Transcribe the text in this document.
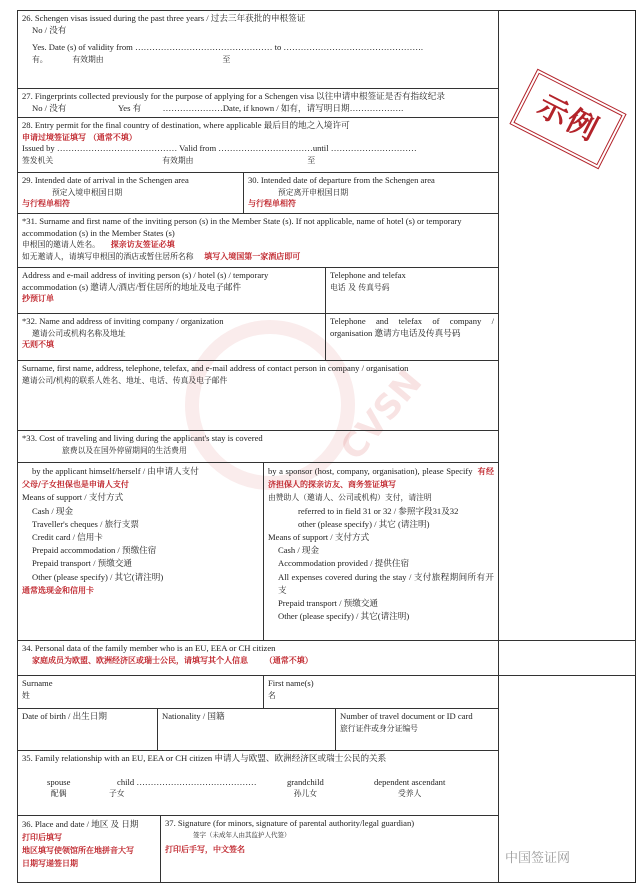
CVSN
示例
中国签证网
26. Schengen visas issued during the past three years / 过去三年获批的申根签证
No / 没有
Yes. Date (s) of validity from ………………………………………… to ………………………………………….
有。          有效期由                                                至
27. Fingerprints collected previously for the purpose of applying for a Schengen visa 以往申请申根签证是否有指纹纪录
No / 没有                        Yes 有          …………………Date, if known / 如有，请写明日期……………….
28. Entry permit for the final country of destination, where applicable 最后目的地之入境许可
申请过境签证填写 （通常不填）
Issued by …………………………………… Valid from ……………………………until …………………………
签发机关                                            有效期由                                              至
29. Intended date of arrival in the Schengen area
预定入境申根国日期
与行程单相符
30. Intended date of departure from the Schengen area
预定离开申根国日期
与行程单相符
*31. Surname and first name of the inviting person (s) in the Member State (s). If not applicable, name of hotel (s) or temporary accommodation (s) in the Member States (s)
申根国的邀请人姓名。 探亲访友签证必填
如无邀请人，请填写申根国的酒店或暂住居所名称 填写入境国第一家酒店即可
Address and e-mail address of inviting person (s) / hotel (s) / temporary accommodation (s) 邀请人/酒店/暂住居所的地址及电子邮件
抄预订单
Telephone and telefax
电话 及 传真号码
*32. Name and address of inviting company / organization
邀请公司或机构名称及地址
无则不填
Telephone and telefax of company / organisation 邀请方电话及传真号码
Surname, first name, address, telephone, telefax, and e-mail address of contact person in company / organisation
邀请公司/机构的联系人姓名、地址、电话、传真及电子邮件
*33. Cost of traveling and living during the applicant's stay is covered
旅费以及在国外停留期间的生活费用
by the applicant himself/herself / 由申请人支付
父母/子女担保也是申请人支付
Means of support / 支付方式
Cash / 现金
Traveller's cheques / 旅行支票
Credit card / 信用卡
Prepaid accommodation / 预缴住宿
Prepaid transport / 预缴交通
Other (please specify) / 其它(请注明)
通常选现金和信用卡
by a sponsor (host, company, organisation), please Specify 有经济担保人的探亲访友、商务签证填写
由赞助人（邀请人、公司或机构）支付，请注明
referred to in field 31 or 32 / 参照字段31及32
other (please specify) / 其它 (请注明)
Means of support / 支付方式
Cash / 现金
Accommodation provided / 提供住宿
All expenses covered during the stay / 支付旅程期间所有开支
Prepaid transport / 预缴交通
Other (please specify) / 其它(请注明)
34. Personal data of the family member who is an EU, EEA or CH citizen
家庭成员为欧盟、欧洲经济区或瑞士公民，请填写其个人信息      （通常不填）
Surname
姓
First name(s)
名
Date of birth / 出生日期	Nationality / 国籍	Number of travel document or ID card
旅行证件或身分证编号
35. Family relationship with an EU, EEA or CH citizen 申请人与欧盟、欧洲经济区或瑞士公民的关系
spouse
配偶
child ……………………………………
子女
grandchild
孙儿女
dependent ascendant
受养人
36. Place and date / 地区 及 日期
打印后填写
地区填写使领馆所在地拼音大写
日期写递签日期
37. Signature (for minors, signature of parental authority/legal guardian)
签字（未成年人由其监护人代签）
打印后手写，中文签名
